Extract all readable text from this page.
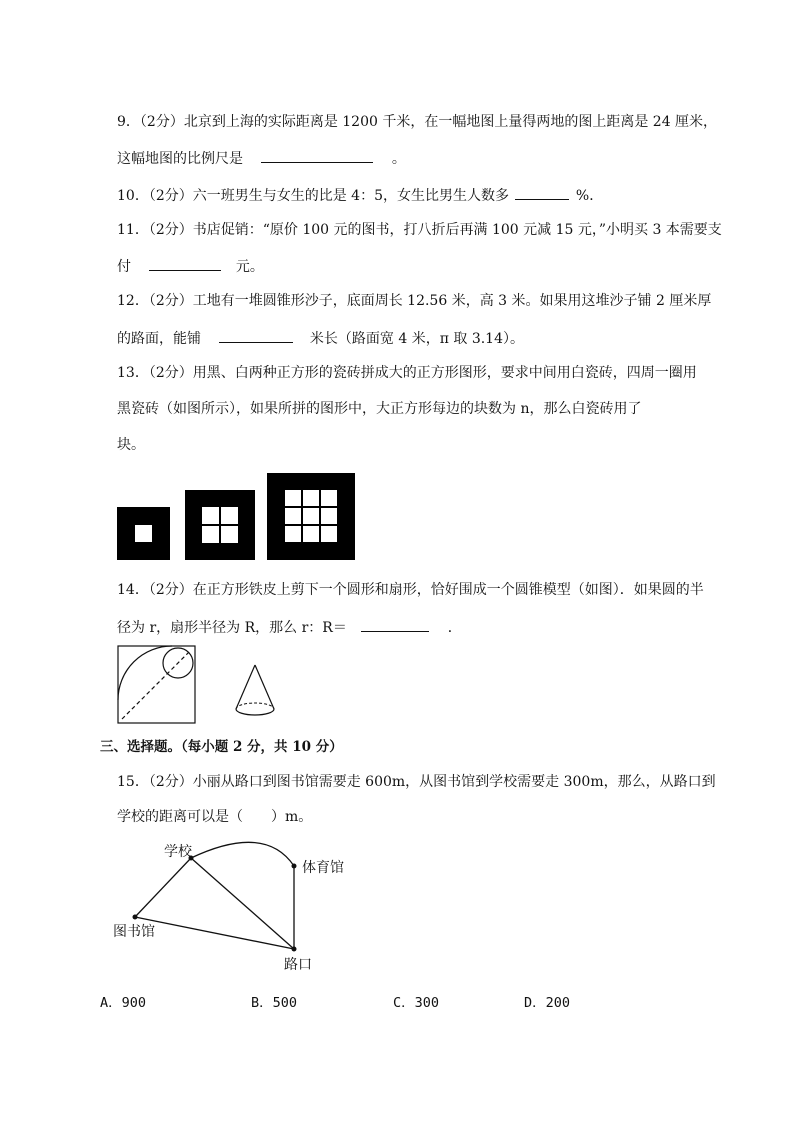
9．（2分）北京到上海的实际距离是 1200 千米，在一幅地图上量得两地的图上距离是 24 厘米，
这幅地图的比例尺是	。
10．（2分）六一班男生与女生的比是 4：5，女生比男生人数多	%．
11．（2分）书店促销：“原价 100 元的图书，打八折后再满 100 元减 15 元，”小明买 3 本需要支
付	元。
12．（2分）工地有一堆圆锥形沙子，底面周长 12.56 米，高 3 米。如果用这堆沙子铺 2 厘米厚
的路面，能铺	米长（路面宽 4 米，π 取 3.14）。
13．（2分）用黑、白两种正方形的瓷砖拼成大的正方形图形，要求中间用白瓷砖，四周一圈用
黑瓷砖（如图所示），如果所拼的图形中，大正方形每边的块数为 n，那么白瓷砖用了
块。
14．（2分）在正方形铁皮上剪下一个圆形和扇形，恰好围成一个圆锥模型（如图）．如果圆的半
径为 r，扇形半径为 R，那么 r：R＝	．
三、选择题。（每小题 2 分，共 10 分）
15．（2分）小丽从路口到图书馆需要走 600m，从图书馆到学校需要走 300m，那么，从路口到
学校的距离可以是（　　）m。
学校
体育馆
图书馆
路口
A．900	B．500	C．300	D．200
